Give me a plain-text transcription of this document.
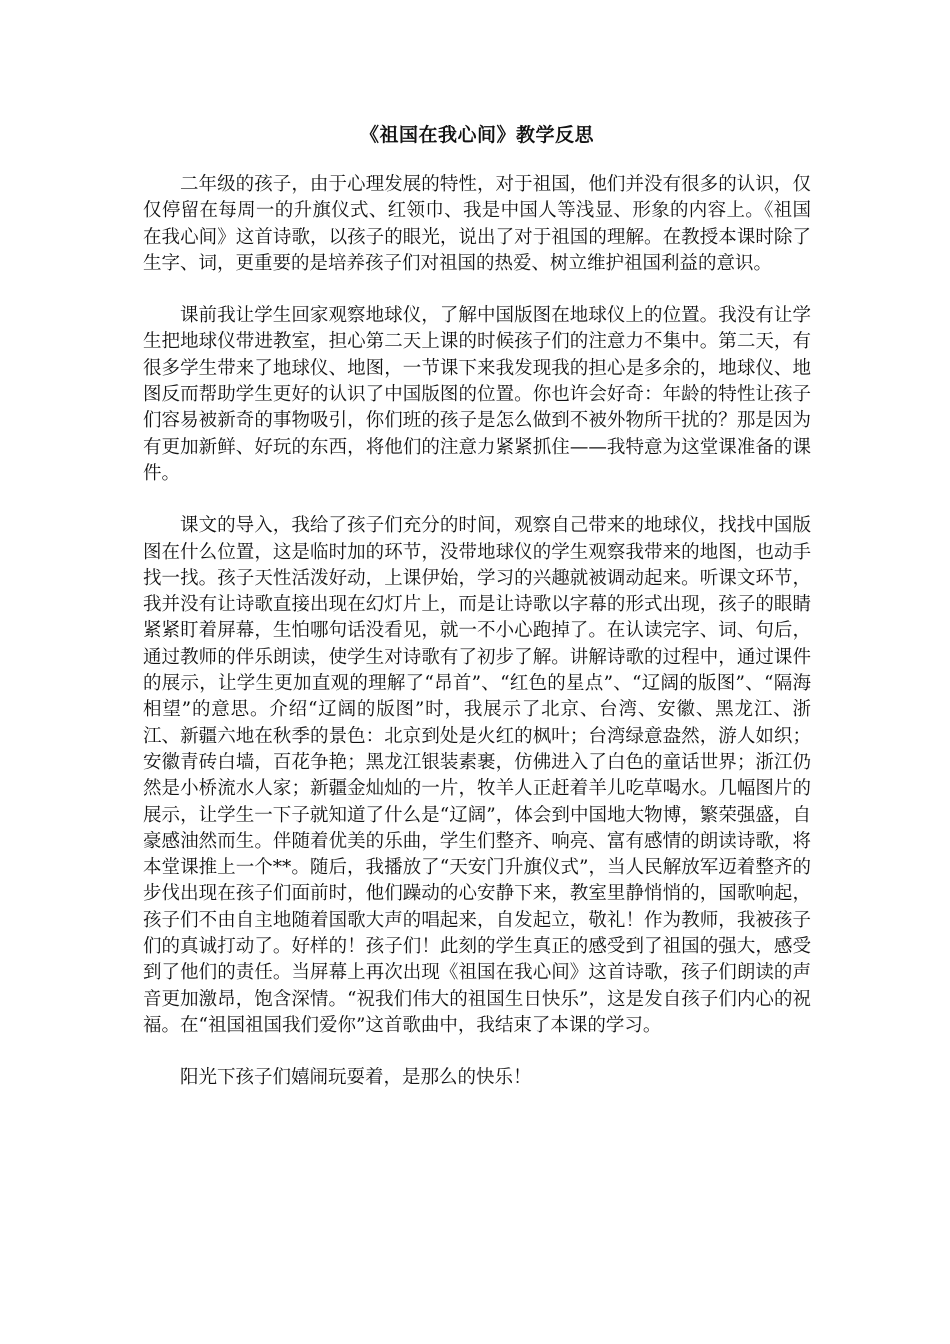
《祖国在我心间》教学反思

二年级的孩子，由于心理发展的特性，对于祖国，他们并没有很多的认识，仅仅停留在每周一的升旗仪式、红领巾、我是中国人等浅显、形象的内容上。《祖国在我心间》这首诗歌，以孩子的眼光，说出了对于祖国的理解。在教授本课时除了生字、词，更重要的是培养孩子们对祖国的热爱、树立维护祖国利益的意识。

课前我让学生回家观察地球仪，了解中国版图在地球仪上的位置。我没有让学生把地球仪带进教室，担心第二天上课的时候孩子们的注意力不集中。第二天，有很多学生带来了地球仪、地图，一节课下来我发现我的担心是多余的，地球仪、地图反而帮助学生更好的认识了中国版图的位置。你也许会好奇：年龄的特性让孩子们容易被新奇的事物吸引，你们班的孩子是怎么做到不被外物所干扰的？那是因为有更加新鲜、好玩的东西，将他们的注意力紧紧抓住——我特意为这堂课准备的课件。

课文的导入，我给了孩子们充分的时间，观察自己带来的地球仪，找找中国版图在什么位置，这是临时加的环节，没带地球仪的学生观察我带来的地图，也动手找一找。孩子天性活泼好动，上课伊始，学习的兴趣就被调动起来。听课文环节，我并没有让诗歌直接出现在幻灯片上，而是让诗歌以字幕的形式出现，孩子的眼睛紧紧盯着屏幕，生怕哪句话没看见，就一不小心跑掉了。在认读完字、词、句后，通过教师的伴乐朗读，使学生对诗歌有了初步了解。讲解诗歌的过程中，通过课件的展示，让学生更加直观的理解了“昂首”、“红色的星点”、“辽阔的版图”、“隔海相望”的意思。介绍“辽阔的版图”时，我展示了北京、台湾、安徽、黑龙江、浙江、新疆六地在秋季的景色：北京到处是火红的枫叶；台湾绿意盎然，游人如织；安徽青砖白墙，百花争艳；黑龙江银装素裹，仿佛进入了白色的童话世界；浙江仍然是小桥流水人家；新疆金灿灿的一片，牧羊人正赶着羊儿吃草喝水。几幅图片的展示，让学生一下子就知道了什么是“辽阔”，体会到中国地大物博，繁荣强盛，自豪感油然而生。伴随着优美的乐曲，学生们整齐、响亮、富有感情的朗读诗歌，将本堂课推上一个**。随后，我播放了“天安门升旗仪式”，当人民解放军迈着整齐的步伐出现在孩子们面前时，他们躁动的心安静下来，教室里静悄悄的，国歌响起，孩子们不由自主地随着国歌大声的唱起来，自发起立，敬礼！作为教师，我被孩子们的真诚打动了。好样的！孩子们！此刻的学生真正的感受到了祖国的强大，感受到了他们的责任。当屏幕上再次出现《祖国在我心间》这首诗歌，孩子们朗读的声音更加激昂，饱含深情。“祝我们伟大的祖国生日快乐”，这是发自孩子们内心的祝福。在“祖国祖国我们爱你”这首歌曲中，我结束了本课的学习。

阳光下孩子们嬉闹玩耍着，是那么的快乐！
